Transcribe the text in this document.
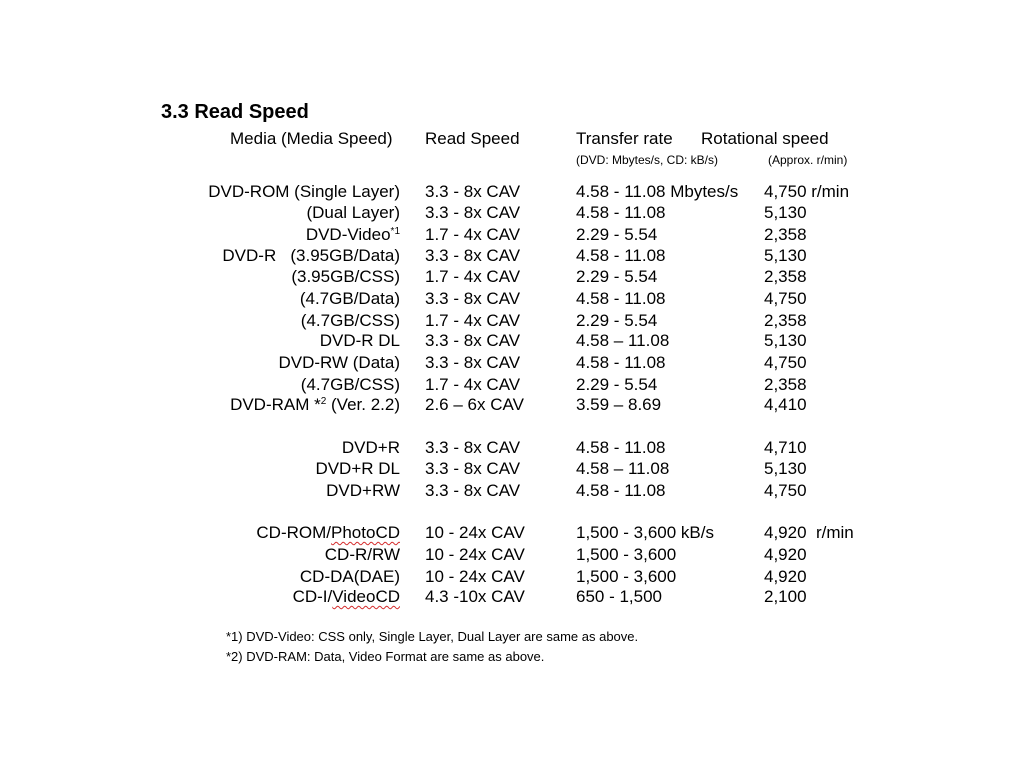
3.3 Read Speed
Media (Media Speed) Read Speed	Transfer rate Rotational speed
(DVD: Mbytes/s, CD: kB/s)	(Approx. r/min)
DVD-ROM (Single Layer) 3.3 - 8x CAV	4.58 - 11.08 Mbytes/s 4,750 r/min
(Dual Layer) 3.3 - 8x CAV	4.58 - 11.08	5,130
DVD-Video$^{*1}$ 1.7 - 4x CAV	2.29 - 5.54	2,358
DVD-R   (3.95GB/Data) 3.3 - 8x CAV	4.58 - 11.08	5,130
(3.95GB/CSS) 1.7 - 4x CAV	2.29 - 5.54	2,358
(4.7GB/Data) 3.3 - 8x CAV	4.58 - 11.08	4,750
(4.7GB/CSS) 1.7 - 4x CAV	2.29 - 5.54	2,358
DVD-R DL 3.3 - 8x CAV	4.58 – 11.08	5,130
DVD-RW (Data) 3.3 - 8x CAV	4.58 - 11.08	4,750
(4.7GB/CSS) 1.7 - 4x CAV	2.29 - 5.54	2,358
DVD-RAM *$^2$ (Ver. 2.2) 2.6 – 6x CAV	3.59 – 8.69	4,410
DVD+R 3.3 - 8x CAV	4.58 - 11.08	4,710
DVD+R DL 3.3 - 8x CAV	4.58 – 11.08	5,130
DVD+RW 3.3 - 8x CAV	4.58 - 11.08	4,750
CD-ROM/PhotoCD 10 - 24x CAV	1,500 - 3,600 kB/s	4,920  r/min
CD-R/RW 10 - 24x CAV	1,500 - 3,600	4,920
CD-DA(DAE) 10 - 24x CAV	1,500 - 3,600	4,920
CD-I/VideoCD 4.3 -10x CAV	650 - 1,500	2,100
*1) DVD-Video: CSS only, Single Layer, Dual Layer are same as above.
*2) DVD-RAM: Data, Video Format are same as above.
